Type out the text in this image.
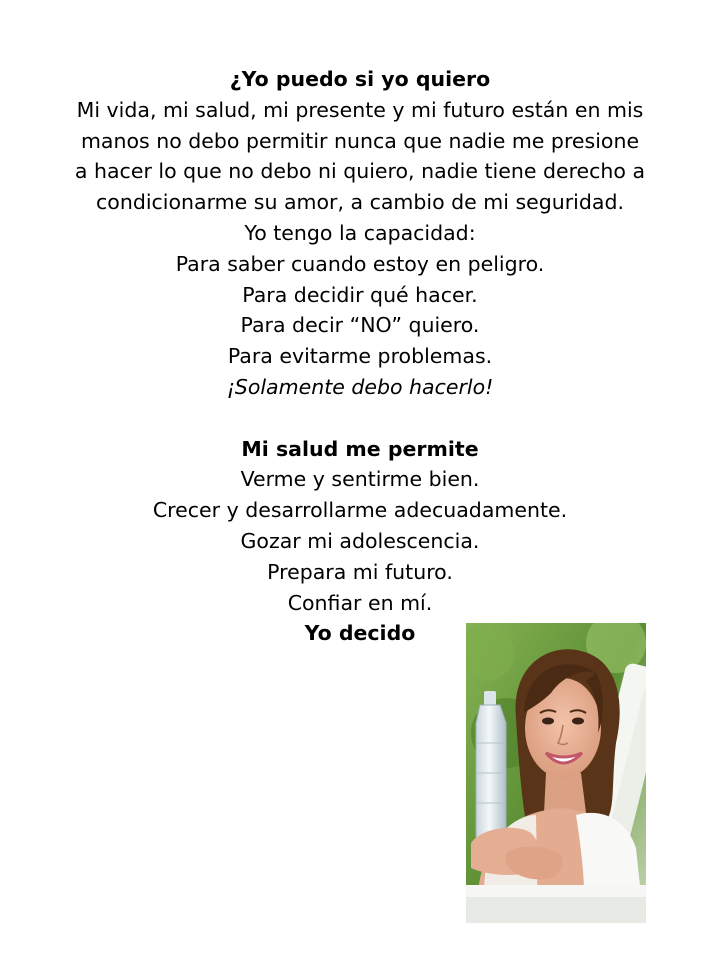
¿Yo puedo si yo quiero
Mi vida, mi salud, mi presente y mi futuro están en mis
manos no debo permitir nunca que nadie me presione
a hacer lo que no debo ni quiero, nadie tiene derecho a
condicionarme su amor, a cambio de mi seguridad.
Yo tengo la capacidad:
Para saber cuando estoy en peligro.
Para decidir qué hacer.
Para decir “NO” quiero.
Para evitarme problemas.
¡Solamente debo hacerlo!
Mi salud me permite
Verme y sentirme bien.
Crecer y desarrollarme adecuadamente.
Gozar mi adolescencia.
Prepara mi futuro.
Confiar en mí.
Yo decido
